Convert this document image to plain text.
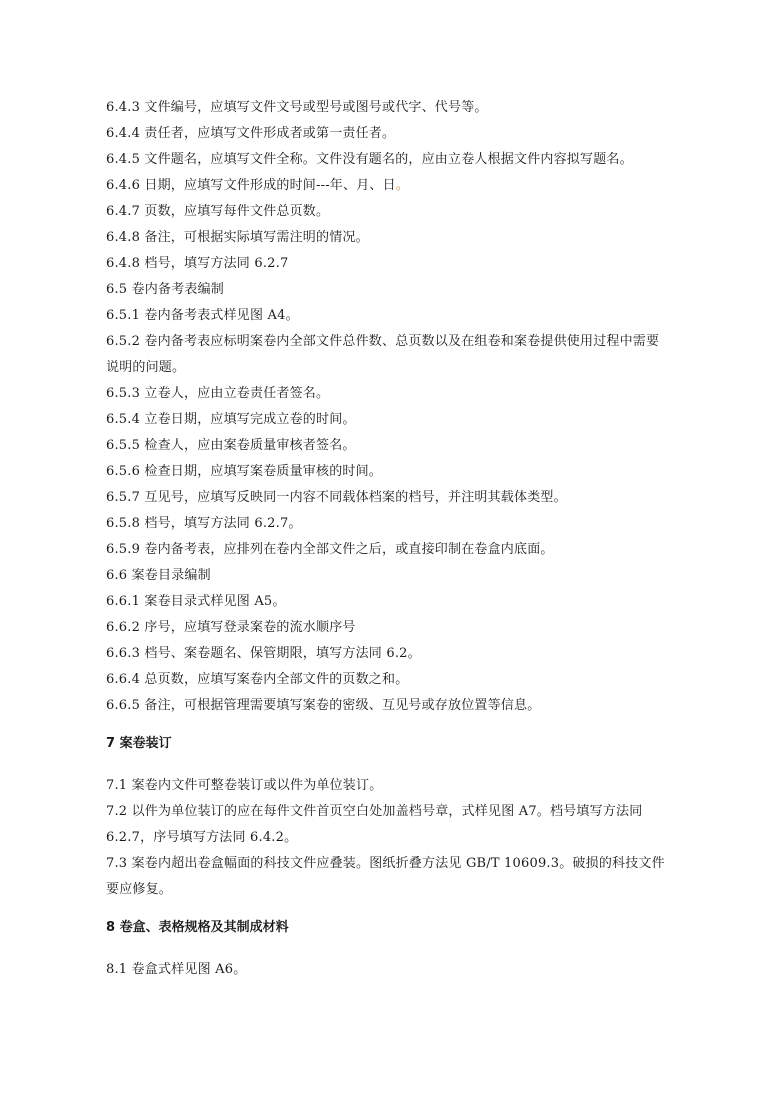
6.4.3 文件编号，应填写文件文号或型号或图号或代字、代号等。
6.4.4 责任者，应填写文件形成者或第一责任者。
6.4.5 文件题名，应填写文件全称。文件没有题名的，应由立卷人根据文件内容拟写题名。
6.4.6 日期，应填写文件形成的时间---年、月、日。
6.4.7 页数，应填写每件文件总页数。
6.4.8 备注，可根据实际填写需注明的情况。
6.4.8 档号，填写方法同 6.2.7
6.5 卷内备考表编制
6.5.1 卷内备考表式样见图 A4。
6.5.2 卷内备考表应标明案卷内全部文件总件数、总页数以及在组卷和案卷提供使用过程中需要说明的问题。
6.5.3 立卷人，应由立卷责任者签名。
6.5.4 立卷日期，应填写完成立卷的时间。
6.5.5 检查人，应由案卷质量审核者签名。
6.5.6 检查日期，应填写案卷质量审核的时间。
6.5.7 互见号，应填写反映同一内容不同载体档案的档号，并注明其载体类型。
6.5.8 档号，填写方法同 6.2.7。
6.5.9 卷内备考表，应排列在卷内全部文件之后，或直接印制在卷盒内底面。
6.6 案卷目录编制
6.6.1 案卷目录式样见图 A5。
6.6.2 序号，应填写登录案卷的流水顺序号
6.6.3 档号、案卷题名、保管期限，填写方法同 6.2。
6.6.4 总页数，应填写案卷内全部文件的页数之和。
6.6.5 备注，可根据管理需要填写案卷的密级、互见号或存放位置等信息。
7 案卷装订
7.1 案卷内文件可整卷装订或以件为单位装订。
7.2 以件为单位装订的应在每件文件首页空白处加盖档号章，式样见图 A7。档号填写方法同 6.2.7，序号填写方法同 6.4.2。
7.3 案卷内超出卷盒幅面的科技文件应叠装。图纸折叠方法见 GB/T 10609.3。破损的科技文件要应修复。
8 卷盒、表格规格及其制成材料
8.1 卷盒式样见图 A6。
